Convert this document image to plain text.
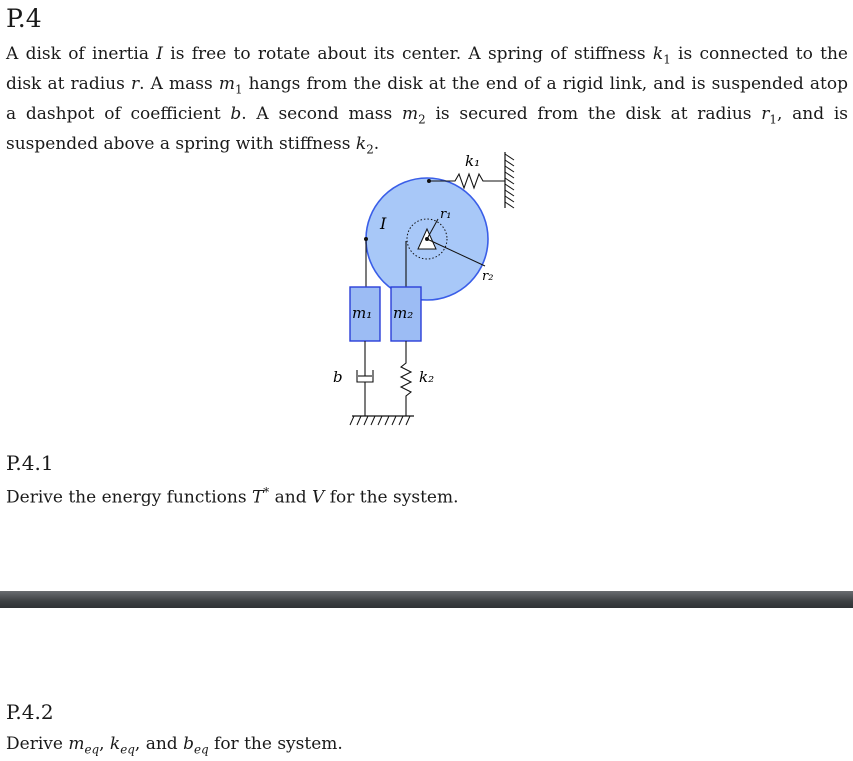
P.4
A disk of inertia I is free to rotate about its center. A spring of stiffness $k_1$ is connected to the disk at radius r. A mass $m_1$ hangs from the disk at the end of a rigid link, and is suspended atop a dashpot of coefficient b. A second mass $m_2$ is secured from the disk at radius $r_1$, and is suspended above a spring with stiffness $k_2$.
k₁
r₁
I
r₂
m₁ m₂
b	k₂
P.4.1
Derive the energy functions T* and V for the system.
P.4.2
Derive $m_{eq}$, $k_{eq}$, and $b_{eq}$ for the system.
